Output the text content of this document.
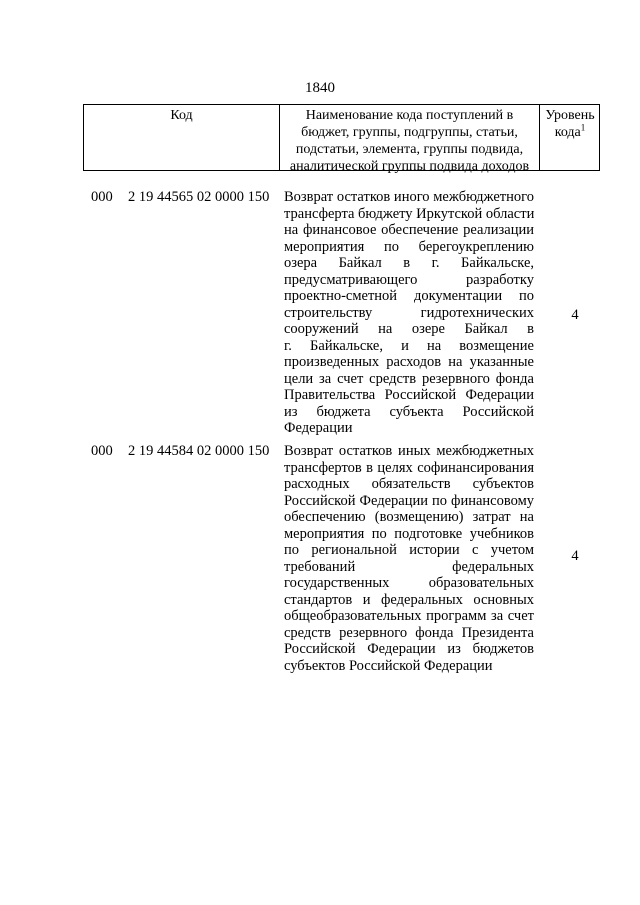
1840
Код	Наименование кода поступлений в
бюджет, группы, подгруппы, статьи,
подстатьи, элемента, группы подвида,
аналитической группы подвида доходов
Уровень
кода$^1$
000 2 19 44565 02 0000 150 Возврат остатков иного межбюджетного
трансферта бюджету Иркутской области
на финансовое обеспечение реализации
мероприятия по берегоукреплению
озера Байкал в г. Байкальске,
предусматривающего разработку
проектно-сметной документации по
строительству гидротехнических
сооружений на озере Байкал в
г. Байкальске, и на возмещение
произведенных расходов на указанные
цели за счет средств резервного фонда
Правительства Российской Федерации
из бюджета субъекта Российской
Федерации
4
000 2 19 44584 02 0000 150 Возврат остатков иных межбюджетных
трансфертов в целях софинансирования
расходных обязательств субъектов
Российской Федерации по финансовому
обеспечению (возмещению) затрат на
мероприятия по подготовке учебников
по региональной истории с учетом
требований федеральных
государственных образовательных
стандартов и федеральных основных
общеобразовательных программ за счет
средств резервного фонда Президента
Российской Федерации из бюджетов
субъектов Российской Федерации
4
